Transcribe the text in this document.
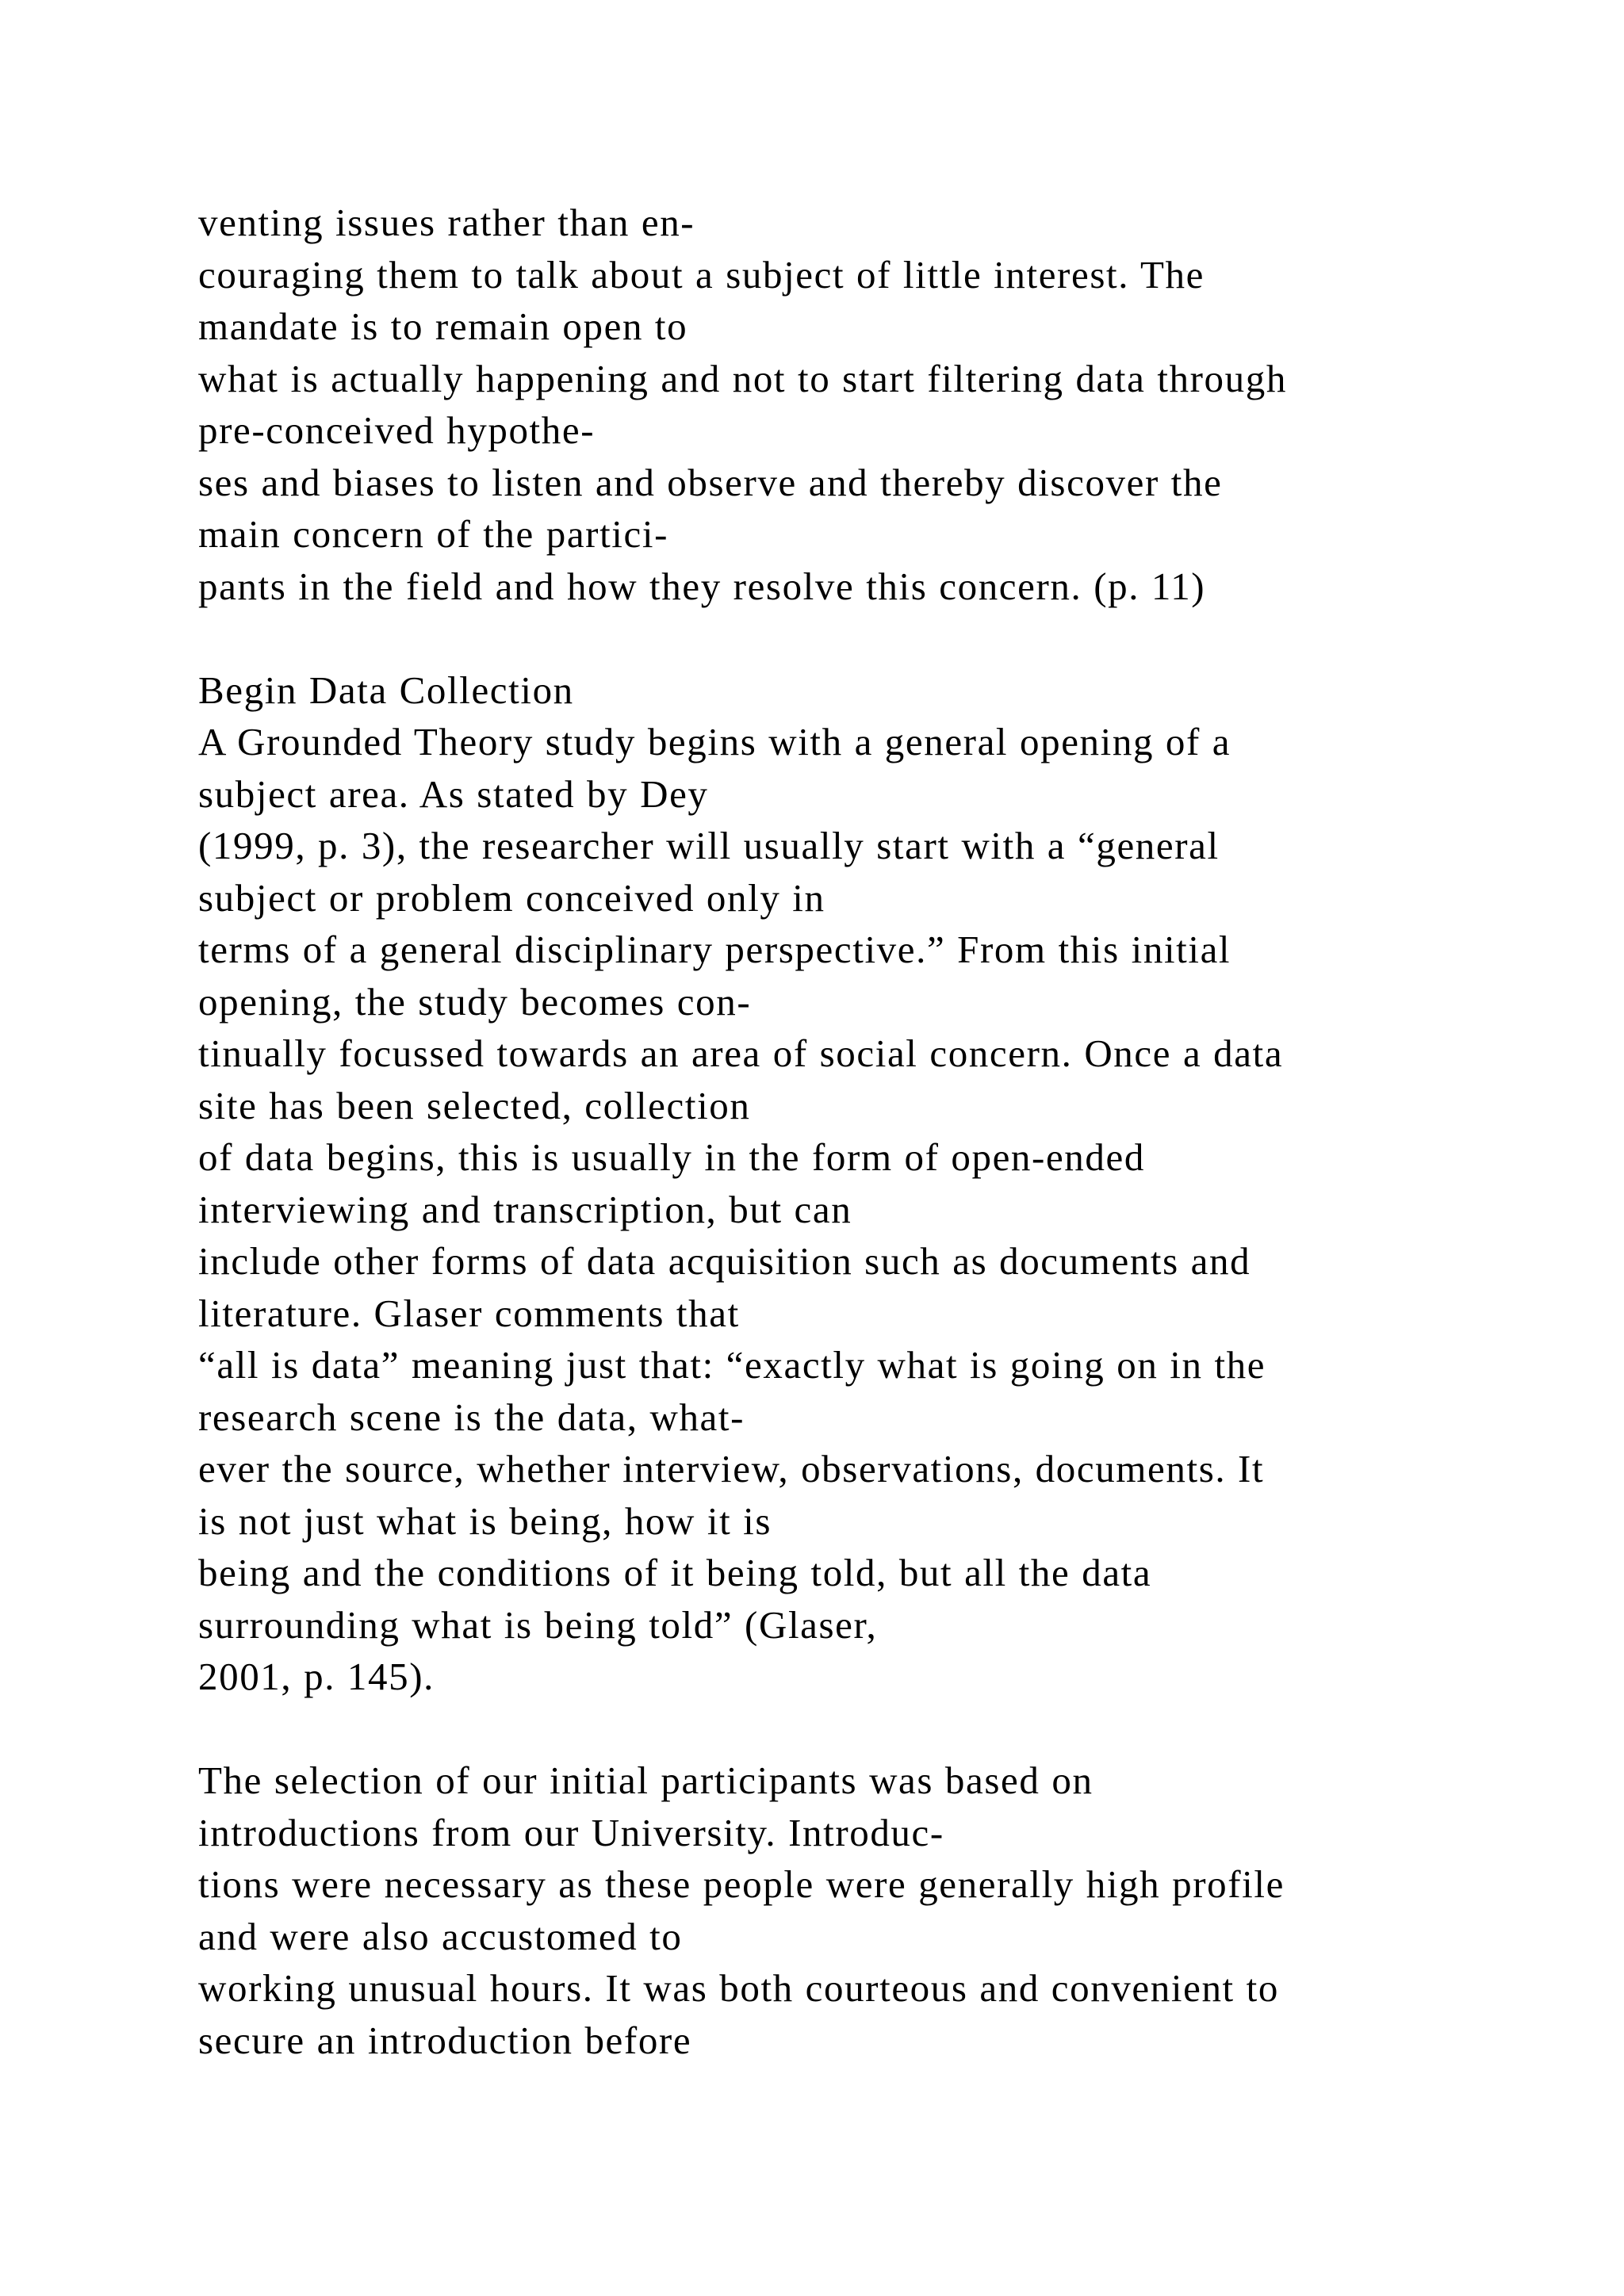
venting issues rather than en-
couraging them to talk about a subject of little interest. The
mandate is to remain open to
what is actually happening and not to start filtering data through
pre-conceived hypothe-
ses and biases to listen and observe and thereby discover the
main concern of the partici-
pants in the field and how they resolve this concern. (p. 11)
Begin Data Collection
A Grounded Theory study begins with a general opening of a
subject area. As stated by Dey
(1999, p. 3), the researcher will usually start with a “general
subject or problem conceived only in
terms of a general disciplinary perspective.” From this initial
opening, the study becomes con-
tinually focussed towards an area of social concern. Once a data
site has been selected, collection
of data begins, this is usually in the form of open-ended
interviewing and transcription, but can
include other forms of data acquisition such as documents and
literature. Glaser comments that
“all is data” meaning just that: “exactly what is going on in the
research scene is the data, what-
ever the source, whether interview, observations, documents. It
is not just what is being, how it is
being and the conditions of it being told, but all the data
surrounding what is being told” (Glaser,
2001, p. 145).
The selection of our initial participants was based on
introductions from our University. Introduc-
tions were necessary as these people were generally high profile
and were also accustomed to
working unusual hours. It was both courteous and convenient to
secure an introduction before
